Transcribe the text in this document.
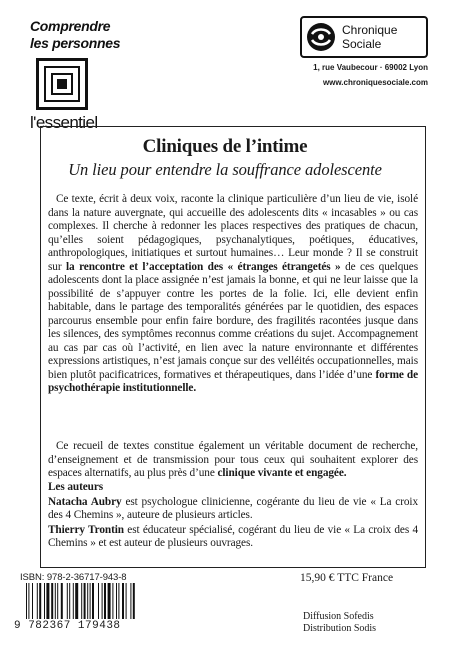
Comprendre
les personnes
l'essentiel
Chronique
Sociale
1, rue Vaubecour · 69002 Lyon
www.chroniquesociale.com
Cliniques de l’intime
Un lieu pour entendre la souffrance adolescente

Ce texte, écrit à deux voix, raconte la clinique particulière d’un lieu de vie, isolé dans la nature auvergnate, qui accueille des adolescents dits « incasables » ou cas complexes. Il cherche à redonner les places respectives des pratiques de chacun, qu’elles soient pédagogiques, psychanalytiques, poétiques, éducatives, anthropologiques, initiatiques et surtout humaines… Leur monde ? Il se construit sur la rencontre et l’acceptation des « étranges étrangetés » de ces quelques adolescents dont la place assignée n’est jamais la bonne, et qui ne leur laisse que la possibilité de s’appuyer contre les portes de la folie. Ici, elle devient enfin habitable, dans le partage des temporalités générées par le quotidien, des espaces parcourus ensemble pour enfin faire bordure, des fragilités racontées jusque dans les silences, des symptômes reconnus comme créations du sujet. Accompagnement au cas par cas où l’activité, en lien avec la nature environnante et différentes expressions artistiques, n’est jamais conçue sur des velléités occupationnelles, mais bien plutôt pacificatrices, formatives et thérapeutiques, dans l’idée d’une forme de psychothérapie institutionnelle.

Ce recueil de textes constitue également un véritable document de recherche, d’enseignement et de transmission pour tous ceux qui souhaitent explorer des espaces alternatifs, au plus près d’une clinique vivante et engagée.

Les auteurs
Natacha Aubry est psychologue clinicienne, cogérante du lieu de vie « La croix des 4 Chemins », auteure de plusieurs articles.
Thierry Trontin est éducateur spécialisé, cogérant du lieu de vie « La croix des 4 Chemins » et est auteur de plusieurs ouvrages.
ISBN: 978-2-36717-943-8
9 782367 179438
15,90 € TTC France
Diffusion Sofedis
Distribution Sodis
